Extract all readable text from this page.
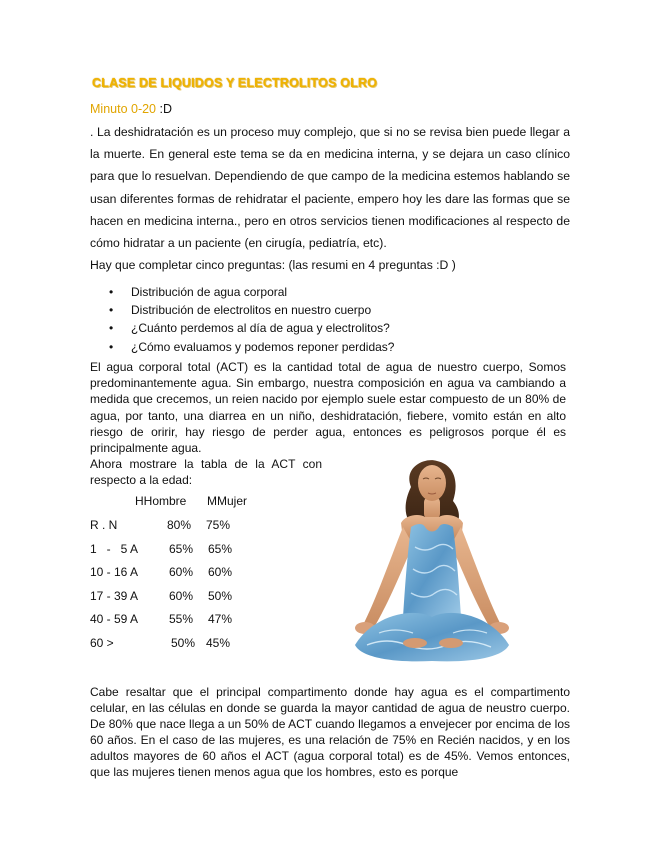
CLASE DE LIQUIDOS Y ELECTROLITOS OLRO
Minuto 0-20 :D
. La deshidratación es un proceso muy complejo, que si no se revisa bien puede llegar a la muerte. En general este tema se da en medicina interna, y se dejara un caso clínico para que lo resuelvan. Dependiendo de que campo de la medicina estemos hablando se usan diferentes formas de rehidratar el paciente, empero hoy les dare las formas que se hacen en medicina interna., pero en otros servicios tienen modificaciones al respecto de cómo hidratar a un paciente (en cirugía, pediatría, etc).
Hay que completar cinco preguntas: (las resumi en 4 preguntas :D )
• Distribución de agua corporal
• Distribución de electrolitos en nuestro cuerpo
• ¿Cuánto perdemos al día de agua y electrolitos?
• ¿Cómo evaluamos y podemos reponer perdidas?
El agua corporal total (ACT) es la cantidad total de agua de nuestro cuerpo, Somos predominantemente agua. Sin embargo, nuestra composición en agua va cambiando a medida que crecemos, un reien nacido por ejemplo suele estar compuesto de un 80% de agua, por tanto, una diarrea en un niño, deshidratación, fiebere, vomito están en alto riesgo de oririr, hay riesgo de perder agua, entonces es peligrosos porque él es principalmente agua.
Ahora mostrare la tabla de la ACT con respecto a la edad:
HHombre MMujer
R . N	80% 75%
1   -   5 A	65% 65%
10 - 16 A	60% 60%
17 - 39 A	60% 50%
40 - 59 A	55% 47%
60 >	50% 45%
Cabe resaltar que el principal compartimento donde hay agua es el compartimento celular, en las células en donde se guarda la mayor cantidad de agua de neustro cuerpo. De 80% que nace llega a un 50% de ACT cuando llegamos a envejecer por encima de los 60 años. En el caso de las mujeres, es una relación de 75% en Recién nacidos, y en los adultos mayores de 60 años el ACT (agua corporal total) es de 45%. Vemos entonces, que las mujeres tienen menos agua que los hombres, esto es porque
